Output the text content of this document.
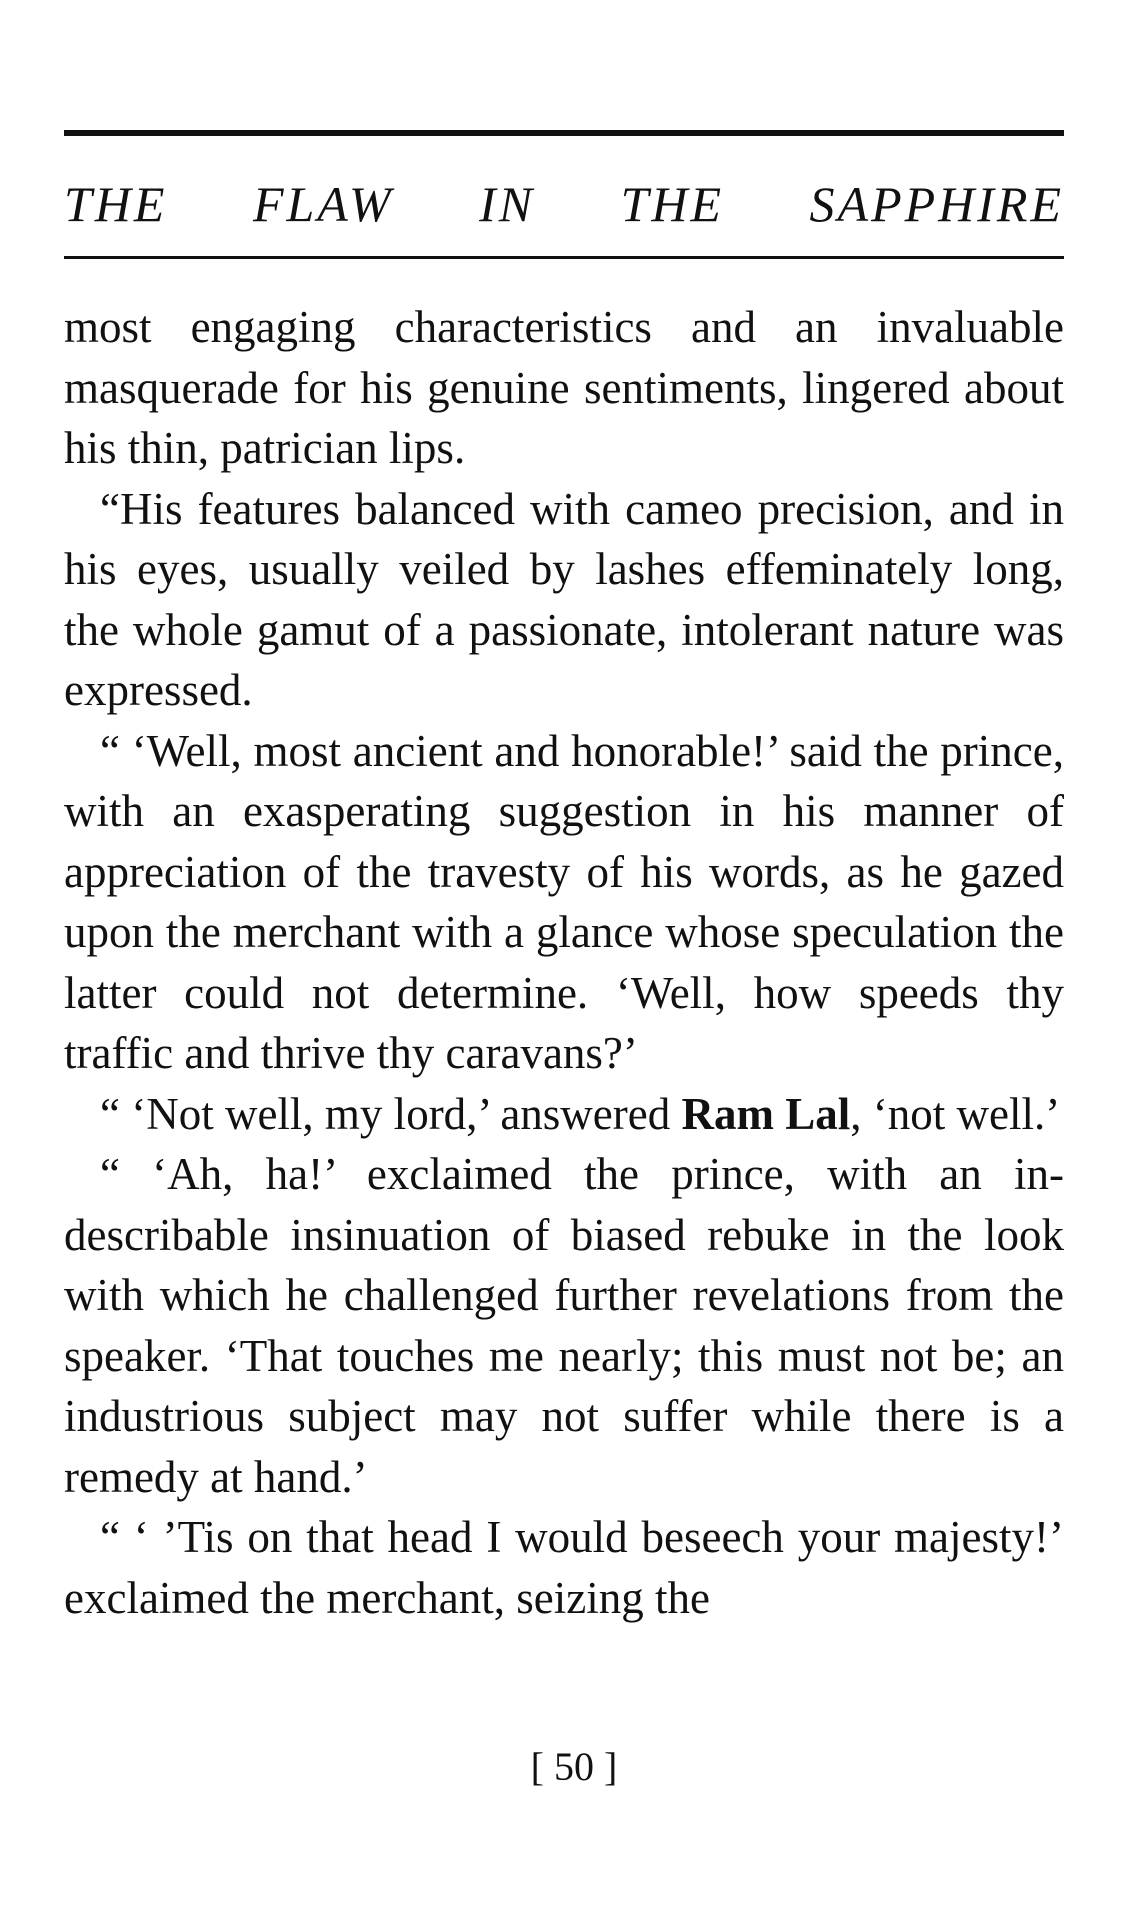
THE FLAW IN THE SAPPHIRE

most engaging characteristics and an invaluable masquerade for his genuine sentiments, lingered about his thin, patrician lips.

“His features balanced with cameo precision, and in his eyes, usually veiled by lashes effeminately long, the whole gamut of a passionate, intolerant nature was expressed.

“ ‘Well, most ancient and honorable!’ said the prince, with an exasperating suggestion in his manner of appreciation of the travesty of his words, as he gazed upon the merchant with a glance whose speculation the latter could not determine. ‘Well, how speeds thy traffic and thrive thy caravans?’

“ ‘Not well, my lord,’ answered Ram Lal, ‘not well.’

“ ‘Ah, ha!’ exclaimed the prince, with an indescribable insinuation of biased rebuke in the look with which he challenged further revelations from the speaker. ‘That touches me nearly; this must not be; an industrious subject may not suffer while there is a remedy at hand.’

“ ‘ ’Tis on that head I would beseech your majesty!’ exclaimed the merchant, seizing the

[ 50 ]
